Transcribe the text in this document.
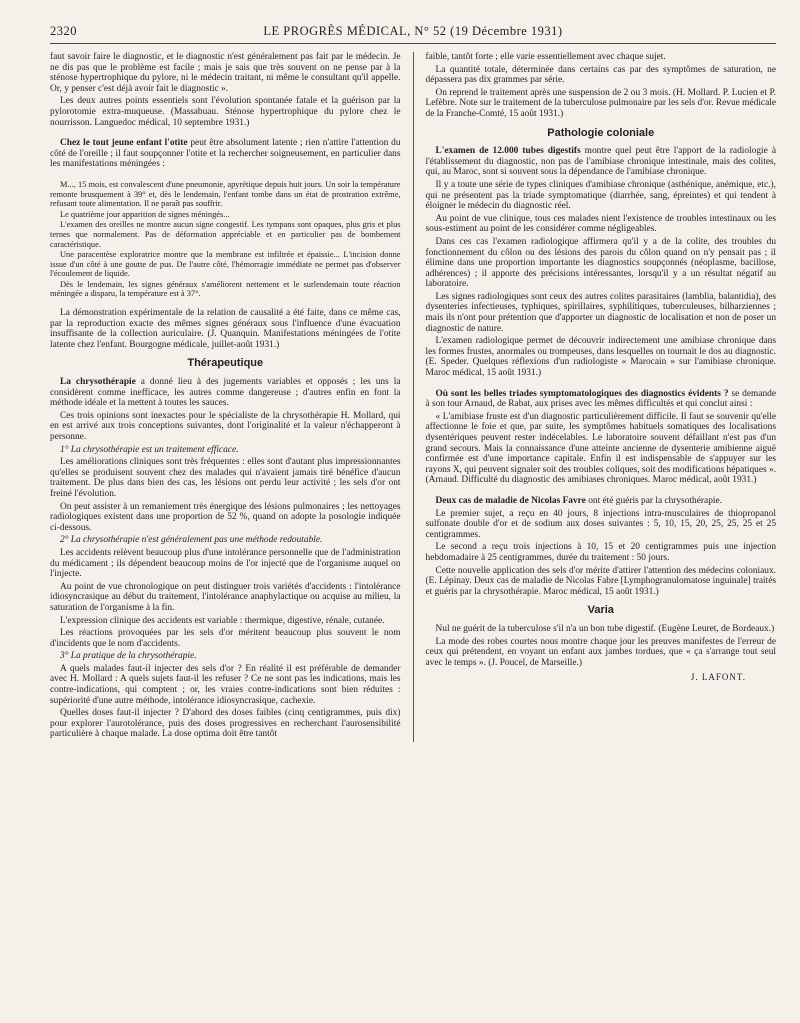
2320	LE PROGRÈS MÉDICAL, N° 52 (19 Décembre 1931)

faut savoir faire le diagnostic, et le diagnostic n'est généralement pas fait par le médecin. Je ne dis pas que le problème est facile ; mais je sais que très souvent on ne pense par à la sténose hypertrophique du pylore, ni le médecin traitant, ni même le consultant qu'il appelle. Or, y penser c'est déjà avoir fait le diagnostic ».

Les deux autres points essentiels sont l'évolution spontanée fatale et la guérison par la pylorotomie extra-muqueuse. (Massabuau. Sténose hypertrophique du pylore chez le nourrisson. Languedoc médical, 10 septembre 1931.)

Chez le tout jeune enfant l'otite peut être absolument latente ; rien n'attire l'attention du côté de l'oreille ; il faut soupçonner l'otite et la rechercher soigneusement, en particulier dans les manifestations méningées :

M..., 15 mois, est convalescent d'une pneumonie, apyrétique depuis huit jours. Un soir la température remonte brusquement à 39° et, dès le lendemain, l'enfant tombe dans un état de prostration extrême, refusant toute alimentation. Il ne paraît pas souffrir.

Le quatrième jour apparition de signes méningés...

L'examen des oreilles ne montre aucun signe congestif. Les tympans sont opaques, plus gris et plus ternes que normalement. Pas de déformation appréciable et en particulier pas de bombement caractéristique.

Une paracentèse exploratrice montre que la membrane est infiltrée et épaissie... L'incision donne issue d'un côté à une goutte de pus. De l'autre côté, l'hémorragie immédiate ne permet pas d'observer l'écoulement de liquide.

Dès le lendemain, les signes généraux s'améliorent nettement et le surlendemain toute réaction méningée a disparu, la température est à 37°.

La démonstration expérimentale de la relation de causalité a été faite, dans ce même cas, par la reproduction exacte des mêmes signes généraux sous l'influence d'une évacuation insuffisante de la collection auriculaire. (J. Quanquin. Manifestations méningées de l'otite latente chez l'enfant. Bourgogne médicale, juillet-août 1931.)

Thérapeutique

La chrysothérapie a donné lieu à des jugements variables et opposés ; les uns la considèrent comme inefficace, les autres comme dangereuse ; d'autres enfin en font la méthode idéale et la mettent à toutes les sauces.

Ces trois opinions sont inexactes pour le spécialiste de la chrysothérapie H. Mollard, qui en est arrivé aux trois conceptions suivantes, dont l'originalité et la valeur n'échapperont à personne.

1° La chrysothérapie est un traitement efficace.

Les améliorations cliniques sont très fréquentes : elles sont d'autant plus impressionnantes qu'elles se produisent souvent chez des malades qui n'avaient jamais tiré bénéfice d'aucun traitement. De plus dans bien des cas, les lésions ont perdu leur activité ; les sels d'or ont freiné l'évolution.

On peut assister à un remaniement très énergique des lésions pulmonaires ; les nettoyages radiologiques existent dans une proportion de 52 %, quand on adopte la posologie indiquée ci-dessous.

2° La chrysothérapie n'est généralement pas une méthode redoutable.

Les accidents relèvent beaucoup plus d'une intolérance personnelle que de l'administration du médicament ; ils dépendent beaucoup moins de l'or injecté que de l'organisme auquel on l'injecte.

Au point de vue chronologique on peut distinguer trois variétés d'accidents : l'intolérance idiosyncrasique au début du traitement, l'intolérance anaphylactique ou acquise au milieu, la saturation de l'organisme à la fin.

L'expression clinique des accidents est variable : thermique, digestive, rénale, cutanée.

Les réactions provoquées par les sels d'or méritent beaucoup plus souvent le nom d'incidents que le nom d'accidents.

3° La pratique de la chrysothérapie.

A quels malades faut-il injecter des sels d'or ? En réalité il est préférable de demander avec H. Mollard : A quels sujets faut-il les refuser ? Ce ne sont pas les indications, mais les contre-indications, qui comptent ; or, les vraies contre-indications sont bien réduites : supériorité d'une autre méthode, intolérance idiosyncrasique, cachexie.

Quelles doses faut-il injecter ? D'abord des doses faibles (cinq centigrammes, puis dix) pour explorer l'aurotolérance, puis des doses progressives en recherchant l'aurosensibilité particulière à chaque malade. La dose optima doit être tantôt

faible, tantôt forte ; elle varie essentiellement avec chaque sujet.

La quantité totale, déterminée dans certains cas par des symptômes de saturation, ne dépassera pas dix grammes par série.

On reprend le traitement après une suspension de 2 ou 3 mois. (H. Mollard. P. Lucien et P. Lefèbre. Note sur le traitement de la tuberculose pulmonaire par les sels d'or. Revue médicale de la Franche-Comté, 15 août 1931.)

Pathologie coloniale

L'examen de 12.000 tubes digestifs montre quel peut être l'apport de la radiologie à l'établissement du diagnostic, non pas de l'amibiase chronique intestinale, mais des colites, qui, au Maroc, sont si souvent sous la dépendance de l'amibiase chronique.

Il y a toute une série de types cliniques d'amibiase chronique (asthénique, anémique, etc.), qui ne présentent pas la triade symptomatique (diarrhée, sang, épreintes) et qui tendent à éloigner le médecin du diagnostic réel.

Au point de vue clinique, tous ces malades nient l'existence de troubles intestinaux ou les sous-estiment au point de les considérer comme négligeables.

Dans ces cas l'examen radiologique affirmera qu'il y a de la colite, des troubles du fonctionnement du côlon ou des lésions des parois du côlon quand on n'y pensait pas ; il élimine dans une proportion importante les diagnostics soupçonnés (néoplasme, bacillose, adhérences) ; il apporte des précisions intéressantes, lorsqu'il y a un résultat négatif au laboratoire.

Les signes radiologiques sont ceux des autres colites parasitaires (lamblia, balantidia), des dysenteries infectieuses, typhiques, spirillaires, syphilitiques, tuberculeuses, bilharziennes ; mais ils n'ont pour prétention que d'apporter un diagnostic de localisation et non de poser un diagnostic de nature.

L'examen radiologique permet de découvrir indirectement une amibiase chronique dans les formes frustes, anormales ou trompeuses, dans lesquelles on tournait le dos au diagnostic. (E. Speder. Quelques réflexions d'un radiologiste « Marocain » sur l'amibiase chronique. Maroc médical, 15 août 1931.)

Où sont les belles triades symptomatologiques des diagnostics évidents ? se demande à son tour Arnaud, de Rabat, aux prises avec les mêmes difficultés et qui conclut ainsi :

« L'amibiase fruste est d'un diagnostic particulièrement difficile. Il faut se souvenir qu'elle affectionne le foie et que, par suite, les symptômes habituels somatiques des localisations dysentériques peuvent rester indécelables. Le laboratoire souvent défaillant n'est pas d'un grand secours. Mais la connaissance d'une atteinte ancienne de dysenterie amibienne aiguë confirmée est d'une importance capitale. Enfin il est indispensable de s'appuyer sur les rayons X, qui peuvent signaler soit des troubles coliques, soit des modifications hépatiques ». (Arnaud. Difficulté du diagnostic des amibiases chroniques. Maroc médical, août 1931.)

Deux cas de maladie de Nicolas Favre ont été guéris par la chrysothérapie.

Le premier sujet, a reçu en 40 jours, 8 injections intra-musculaires de thiopropanol sulfonate double d'or et de sodium aux doses suivantes : 5, 10, 15, 20, 25, 25, 25 et 25 centigrammes.

Le second a reçu trois injections à 10, 15 et 20 centigrammes puis une injection hebdomadaire à 25 centigrammes, durée du traitement : 50 jours.

Cette nouvelle application des sels d'or mérite d'attirer l'attention des médecins coloniaux. (E. Lépinay. Deux cas de maladie de Nicolas Fabre [Lymphogranulomatose inguinale] traités et guéris par la chrysothérapie. Maroc médical, 15 août 1931.)

Varia

Nul ne guérit de la tuberculose s'il n'a un bon tube digestif. (Eugène Leuret, de Bordeaux.)

La mode des robes courtes nous montre chaque jour les preuves manifestes de l'erreur de ceux qui prétendent, en voyant un enfant aux jambes tordues, que « ça s'arrange tout seul avec le temps ». (J. Poucel, de Marseille.)

J. LAFONT.
